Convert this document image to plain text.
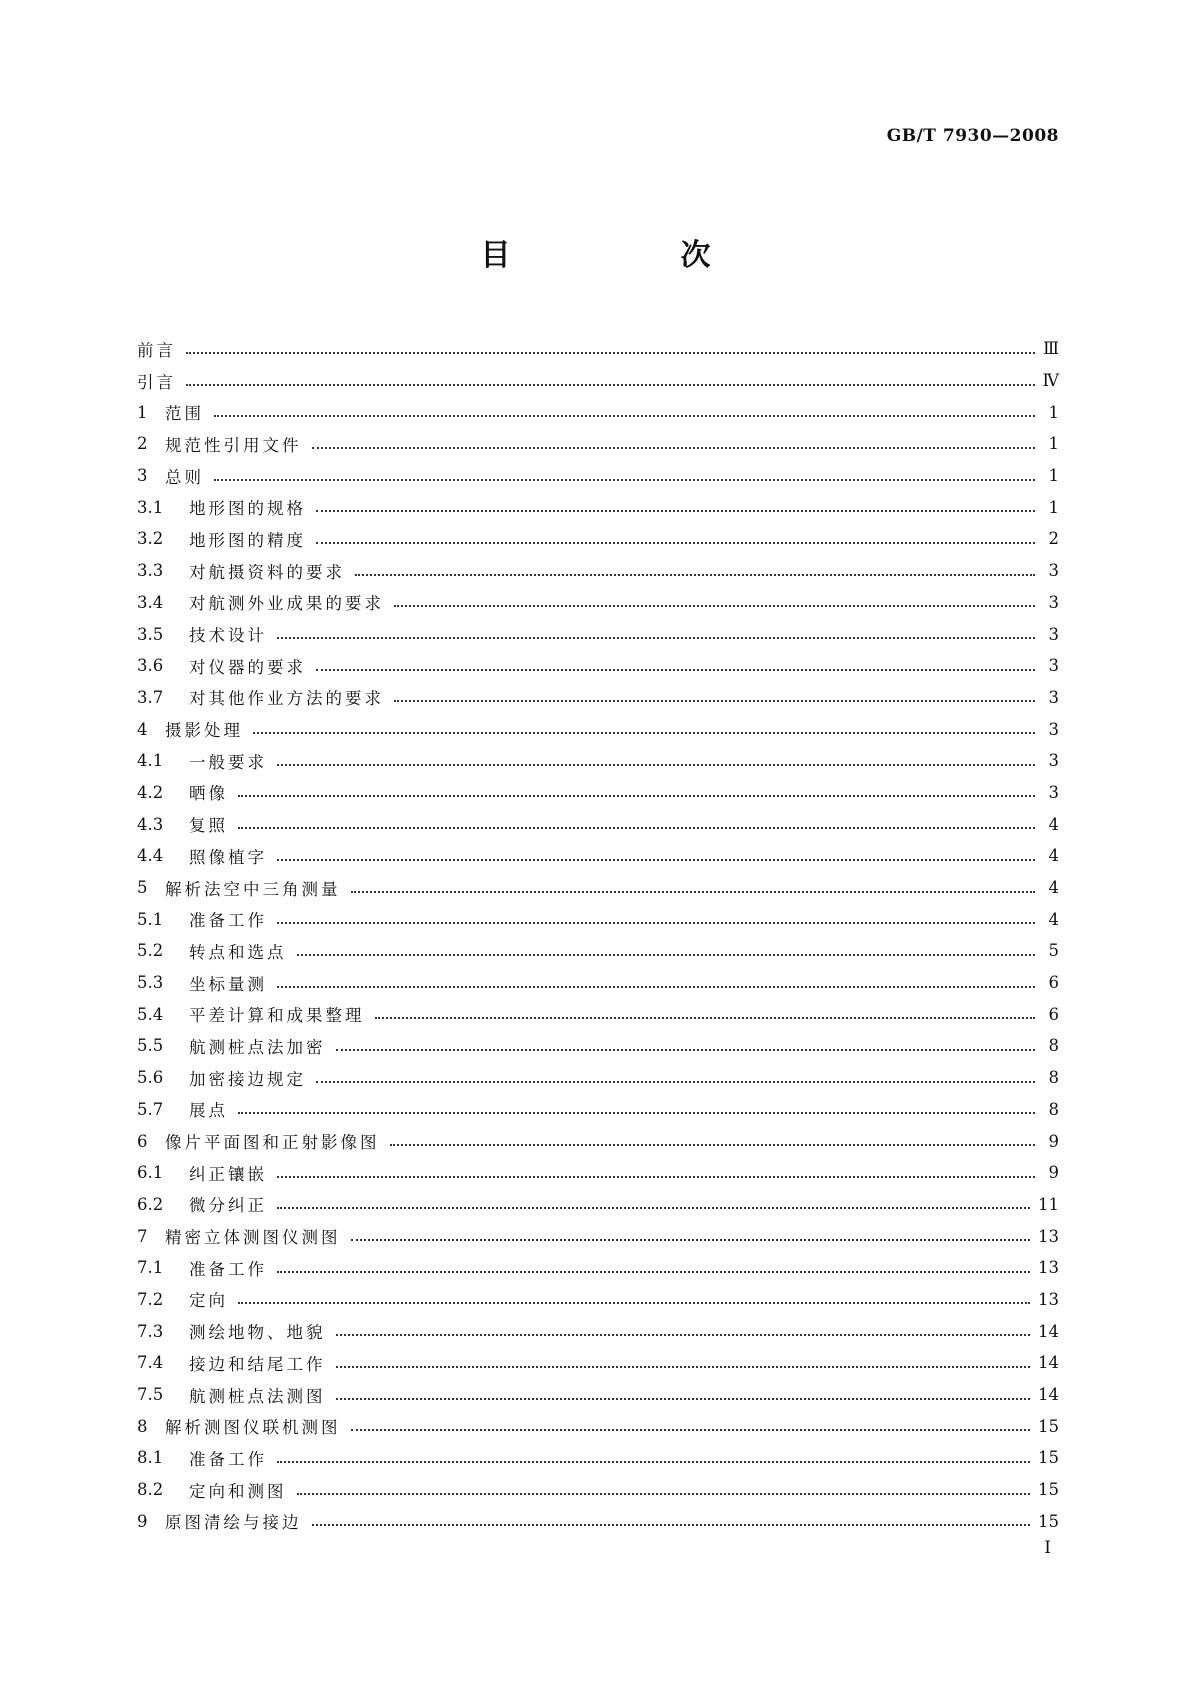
GB/T 7930—2008
目　次
前言	Ⅲ
引言	Ⅳ
1	范围	1
2	规范性引用文件	1
3	总则	1
3.1	地形图的规格	1
3.2	地形图的精度	2
3.3	对航摄资料的要求	3
3.4	对航测外业成果的要求	3
3.5	技术设计	3
3.6	对仪器的要求	3
3.7	对其他作业方法的要求	3
4	摄影处理	3
4.1	一般要求	3
4.2	晒像	3
4.3	复照	4
4.4	照像植字	4
5	解析法空中三角测量	4
5.1	准备工作	4
5.2	转点和选点	5
5.3	坐标量测	6
5.4	平差计算和成果整理	6
5.5	航测桩点法加密	8
5.6	加密接边规定	8
5.7	展点	8
6	像片平面图和正射影像图	9
6.1	纠正镶嵌	9
6.2	微分纠正	11
7	精密立体测图仪测图	13
7.1	准备工作	13
7.2	定向	13
7.3	测绘地物、地貌	14
7.4	接边和结尾工作	14
7.5	航测桩点法测图	14
8	解析测图仪联机测图	15
8.1	准备工作	15
8.2	定向和测图	15
9	原图清绘与接边	15
I
